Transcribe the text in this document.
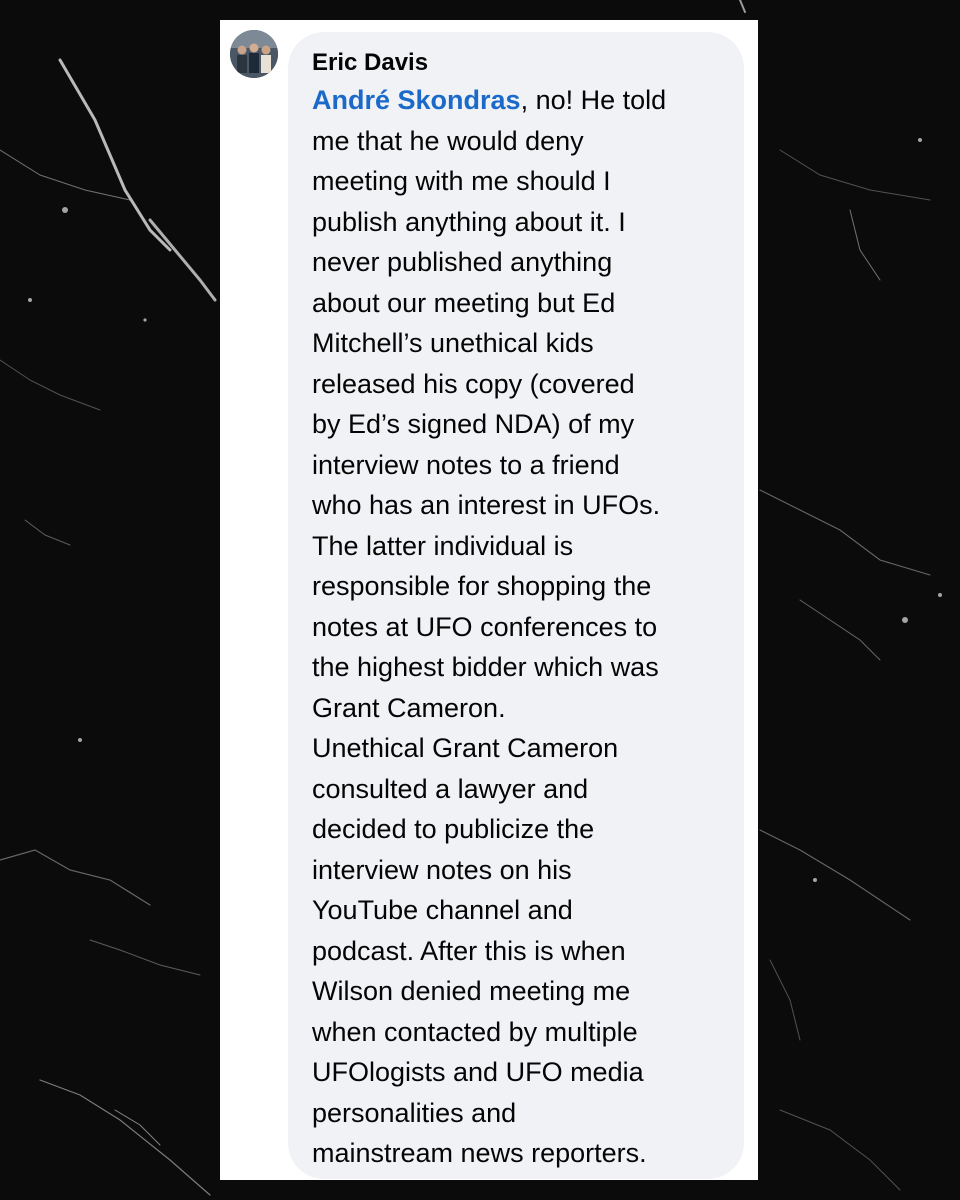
Eric Davis
André Skondras, no! He told
me that he would deny
meeting with me should I
publish anything about it. I
never published anything
about our meeting but Ed
Mitchell’s unethical kids
released his copy (covered
by Ed’s signed NDA) of my
interview notes to a friend
who has an interest in UFOs.
The latter individual is
responsible for shopping the
notes at UFO conferences to
the highest bidder which was
Grant Cameron.
Unethical Grant Cameron
consulted a lawyer and
decided to publicize the
interview notes on his
YouTube channel and
podcast. After this is when
Wilson denied meeting me
when contacted by multiple
UFOlogists and UFO media
personalities and
mainstream news reporters.
